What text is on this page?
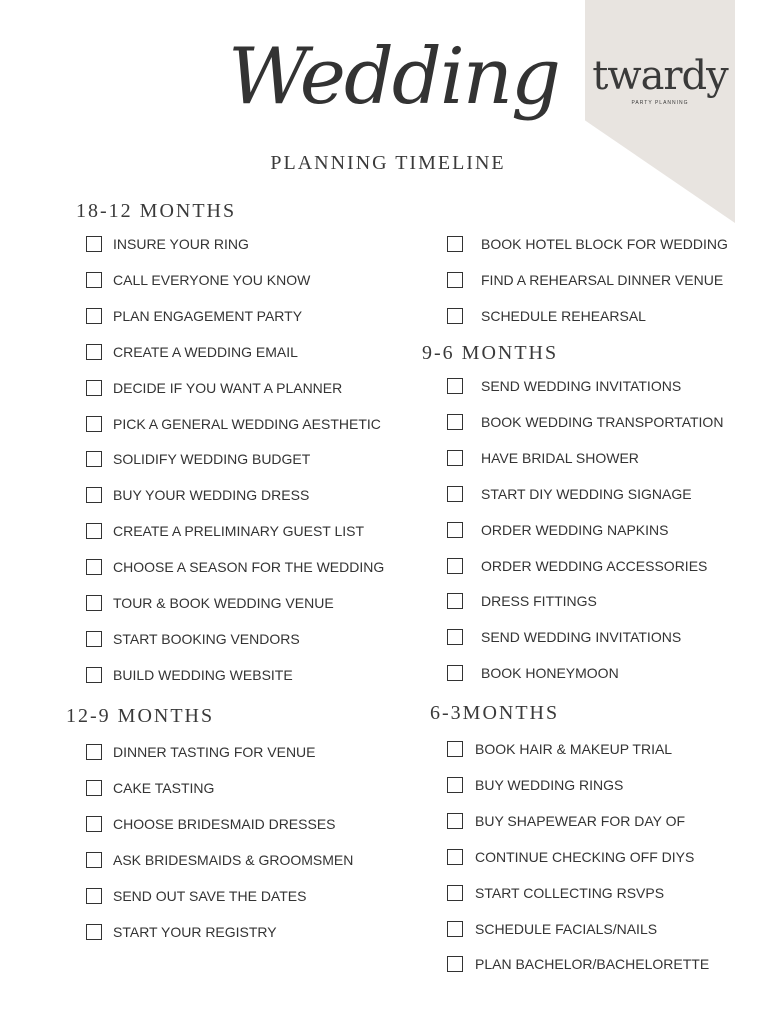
twardy
PARTY PLANNING
Wedding
PLANNING TIMELINE
18-12 MONTHS
12-9 MONTHS
9-6 MONTHS
6-3MONTHS
INSURE YOUR RING
CALL EVERYONE YOU KNOW
PLAN ENGAGEMENT PARTY
CREATE A WEDDING EMAIL
DECIDE IF YOU WANT A PLANNER
PICK A GENERAL WEDDING AESTHETIC
SOLIDIFY WEDDING BUDGET
BUY YOUR WEDDING DRESS
CREATE A PRELIMINARY GUEST LIST
CHOOSE A SEASON FOR THE WEDDING
TOUR & BOOK WEDDING VENUE
START BOOKING VENDORS
BUILD WEDDING WEBSITE
DINNER TASTING FOR VENUE
CAKE TASTING
CHOOSE BRIDESMAID DRESSES
ASK BRIDESMAIDS & GROOMSMEN
SEND OUT SAVE THE DATES
START YOUR REGISTRY
BOOK HOTEL BLOCK FOR WEDDING
FIND A REHEARSAL DINNER VENUE
SCHEDULE REHEARSAL
SEND WEDDING INVITATIONS
BOOK WEDDING TRANSPORTATION
HAVE BRIDAL SHOWER
START DIY WEDDING SIGNAGE
ORDER WEDDING NAPKINS
ORDER WEDDING ACCESSORIES
DRESS FITTINGS
SEND WEDDING INVITATIONS
BOOK HONEYMOON
BOOK HAIR & MAKEUP TRIAL
BUY WEDDING RINGS
BUY SHAPEWEAR FOR DAY OF
CONTINUE CHECKING OFF DIYS
START COLLECTING RSVPS
SCHEDULE FACIALS/NAILS
PLAN BACHELOR/BACHELORETTE
